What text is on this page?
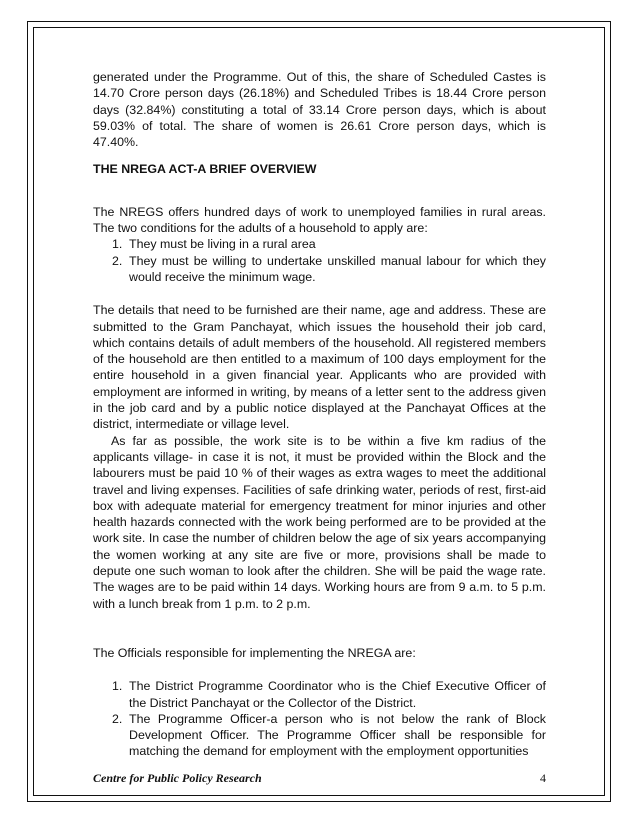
generated under the Programme. Out of this, the share of Scheduled Castes is 14.70 Crore person days (26.18%) and Scheduled Tribes is 18.44 Crore person days (32.84%) constituting a total of 33.14 Crore person days, which is about 59.03% of total. The share of women is 26.61 Crore person days, which is 47.40%.

THE NREGA ACT-A BRIEF OVERVIEW

The NREGS offers hundred days of work to unemployed families in rural areas. The two conditions for the adults of a household to apply are:

1. They must be living in a rural area
2. They must be willing to undertake unskilled manual labour for which they would receive the minimum wage.

The details that need to be furnished are their name, age and address. These are submitted to the Gram Panchayat, which issues the household their job card, which contains details of adult members of the household. All registered members of the household are then entitled to a maximum of 100 days employment for the entire household in a given financial year. Applicants who are provided with employment are informed in writing, by means of a letter sent to the address given in the job card and by a public notice displayed at the Panchayat Offices at the district, intermediate or village level.

As far as possible, the work site is to be within a five km radius of the applicants village- in case it is not, it must be provided within the Block and the labourers must be paid 10 % of their wages as extra wages to meet the additional travel and living expenses. Facilities of safe drinking water, periods of rest, first-aid box with adequate material for emergency treatment for minor injuries and other health hazards connected with the work being performed are to be provided at the work site. In case the number of children below the age of six years accompanying the women working at any site are five or more, provisions shall be made to depute one such woman to look after the children. She will be paid the wage rate. The wages are to be paid within 14 days. Working hours are from 9 a.m. to 5 p.m. with a lunch break from 1 p.m. to 2 p.m.

The Officials responsible for implementing the NREGA are:

1. The District Programme Coordinator who is the Chief Executive Officer of the District Panchayat or the Collector of the District.
2. The Programme Officer-a person who is not below the rank of Block Development Officer. The Programme Officer shall be responsible for matching the demand for employment with the employment opportunities
Centre for Public Policy Research	4
